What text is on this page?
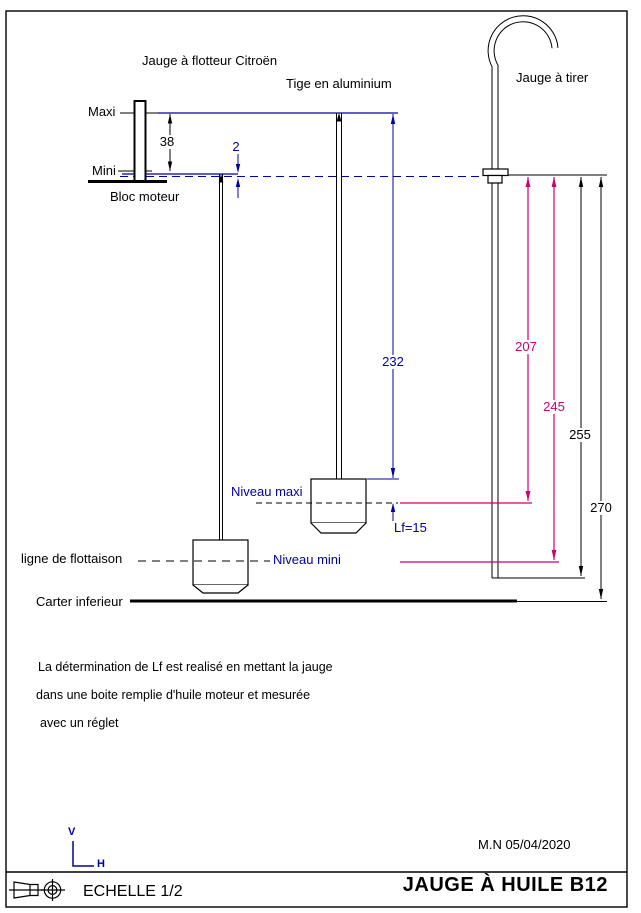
Jauge à flotteur Citroën
Tige en aluminium	Jauge à tirer
Maxi
Mini
Bloc moteur
Niveau maxi
Niveau mini
ligne de flottaison
Carter inferieur
38	2
232
207
245
255
270
Lf=15
La détermination de Lf est realisé en mettant la jauge
dans une boite remplie d'huile moteur et mesurée
avec un réglet
V
H
M.N 05/04/2020
ECHELLE 1/2	JAUGE À HUILE B12
